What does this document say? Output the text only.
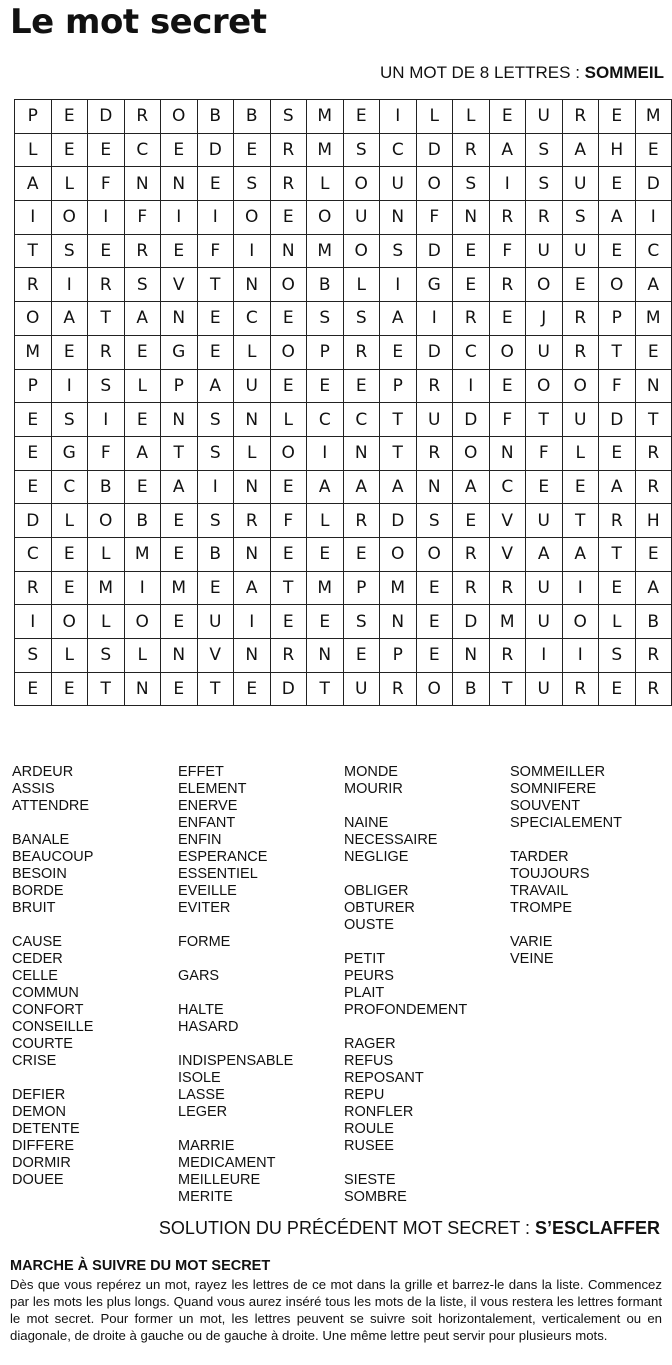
Le mot secret
UN MOT DE 8 LETTRES : SOMMEIL
P	E	D	R	O	B	B	S	M	E	I	L	L	E	U	R	E	M
L	E	E	C	E	D	E	R	M	S	C	D	R	A	S	A	H	E
A	L	F	N	N	E	S	R	L	O	U	O	S	I	S	U	E	D
I	O	I	F	I	I	O	E	O	U	N	F	N	R	R	S	A	I
T	S	E	R	E	F	I	N	M	O	S	D	E	F	U	U	E	C
R	I	R	S	V	T	N	O	B	L	I	G	E	R	O	E	O	A
O	A	T	A	N	E	C	E	S	S	A	I	R	E	J	R	P	M
M	E	R	E	G	E	L	O	P	R	E	D	C	O	U	R	T	E
P	I	S	L	P	A	U	E	E	E	P	R	I	E	O	O	F	N
E	S	I	E	N	S	N	L	C	C	T	U	D	F	T	U	D	T
E	G	F	A	T	S	L	O	I	N	T	R	O	N	F	L	E	R
E	C	B	E	A	I	N	E	A	A	A	N	A	C	E	E	A	R
D	L	O	B	E	S	R	F	L	R	D	S	E	V	U	T	R	H
C	E	L	M	E	B	N	E	E	E	O	O	R	V	A	A	T	E
R	E	M	I	M	E	A	T	M	P	M	E	R	R	U	I	E	A
I	O	L	O	E	U	I	E	E	S	N	E	D	M	U	O	L	B
S	L	S	L	N	V	N	R	N	E	P	E	N	R	I	I	S	R
E	E	T	N	E	T	E	D	T	U	R	O	B	T	U	R	E	R
ARDEUR
ASSIS
ATTENDRE
BANALE
BEAUCOUP
BESOIN
BORDE
BRUIT
CAUSE
CEDER
CELLE
COMMUN
CONFORT
CONSEILLE
COURTE
CRISE
DEFIER
DEMON
DETENTE
DIFFERE
DORMIR
DOUEE
EFFET
ELEMENT
ENERVE
ENFANT
ENFIN
ESPERANCE
ESSENTIEL
EVEILLE
EVITER
FORME
GARS
HALTE
HASARD
INDISPENSABLE
ISOLE
LASSE
LEGER
MARRIE
MEDICAMENT
MEILLEURE
MERITE
MONDE
MOURIR
NAINE
NECESSAIRE
NEGLIGE
OBLIGER
OBTURER
OUSTE
PETIT
PEURS
PLAIT
PROFONDEMENT
RAGER
REFUS
REPOSANT
REPU
RONFLER
ROULE
RUSEE
SIESTE
SOMBRE
SOMMEILLER
SOMNIFERE
SOUVENT
SPECIALEMENT
TARDER
TOUJOURS
TRAVAIL
TROMPE
VARIE
VEINE
SOLUTION DU PRÉCÉDENT MOT SECRET : S’ESCLAFFER
MARCHE À SUIVRE DU MOT SECRET

Dès que vous repérez un mot, rayez les lettres de ce mot dans la grille et barrez-le dans la liste. Commencez par les mots les plus longs. Quand vous aurez inséré tous les mots de la liste, il vous restera les lettres formant le mot secret. Pour former un mot, les lettres peuvent se suivre soit horizontalement, verticalement ou en diagonale, de droite à gauche ou de gauche à droite. Une même lettre peut servir pour plusieurs mots.
